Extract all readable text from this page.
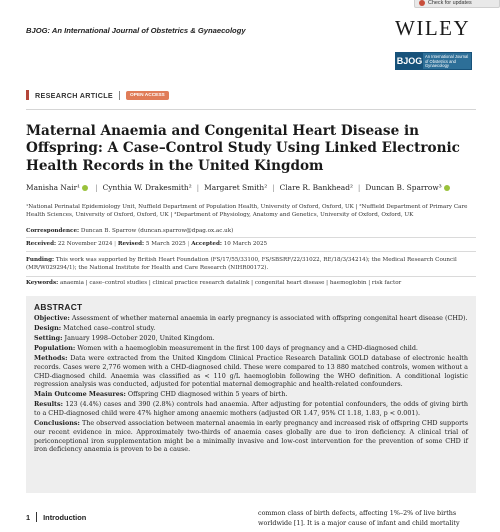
Check for updates
BJOG: An International Journal of Obstetrics & Gynaecology	WILEY
BJOG An International Journal of Obstetrics and Gynaecology
RESEARCH ARTICLE	OPEN ACCESS
Maternal Anaemia and Congenital Heart Disease in Offspring: A Case–Control Study Using Linked Electronic Health Records in the United Kingdom
Manisha Nair¹ | Cynthia W. Drakesmith² | Margaret Smith² | Clare R. Bankhead² | Duncan B. Sparrow³
¹National Perinatal Epidemiology Unit, Nuffield Department of Population Health, University of Oxford, Oxford, UK | ²Nuffield Department of Primary Care Health Sciences, University of Oxford, Oxford, UK | ³Department of Physiology, Anatomy and Genetics, University of Oxford, Oxford, UK
Correspondence: Duncan B. Sparrow (duncan.sparrow@dpag.ox.ac.uk)
Received: 22 November 2024 | Revised: 5 March 2025 | Accepted: 10 March 2025
Funding: This work was supported by British Heart Foundation (FS/17/55/33100, FS/SBSRF/22/31022, RE/18/3/34214); the Medical Research Council (MR/W029294/1); the National Institute for Health and Care Research (NIHR00172).
Keywords: anaemia | case–control studies | clinical practice research datalink | congenital heart disease | haemoglobin | risk factor
ABSTRACT

Objective: Assessment of whether maternal anaemia in early pregnancy is associated with offspring congenital heart disease (CHD).

Design: Matched case–control study.

Setting: January 1998–October 2020, United Kingdom.

Population: Women with a haemoglobin measurement in the first 100 days of pregnancy and a CHD-diagnosed child.

Methods: Data were extracted from the United Kingdom Clinical Practice Research Datalink GOLD database of electronic health records. Cases were 2,776 women with a CHD-diagnosed child. These were compared to 13 880 matched controls, women without a CHD-diagnosed child. Anaemia was classified as < 110 g/L haemoglobin following the WHO definition. A conditional logistic regression analysis was conducted, adjusted for potential maternal demographic and health-related confounders.

Main Outcome Measures: Offspring CHD diagnosed within 5 years of birth.

Results: 123 (4.4%) cases and 390 (2.8%) controls had anaemia. After adjusting for potential confounders, the odds of giving birth to a CHD-diagnosed child were 47% higher among anaemic mothers (adjusted OR 1.47, 95% CI 1.18, 1.83, p < 0.001).

Conclusions: The observed association between maternal anaemia in early pregnancy and increased risk of offspring CHD supports our recent evidence in mice. Approximately two-thirds of anaemia cases globally are due to iron deficiency. A clinical trial of periconceptional iron supplementation might be a minimally invasive and low-cost intervention for the prevention of some CHD if iron deficiency anaemia is proven to be a cause.

1 Introduction	common class of birth defects, affecting 1%–2% of live births worldwide [1]. It is a major cause of infant and child mortality
